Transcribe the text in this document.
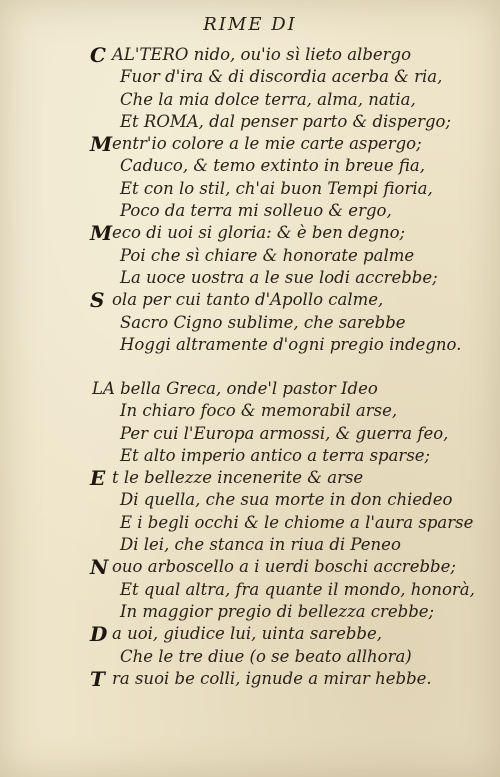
RIME DI
C AL'TERO nido, ou'io sì lieto albergo
Fuor d'ira & di discordia acerba & ria,
Che la mia dolce terra, alma, natia,
Et ROMA, dal penser parto & dispergo;
M entr'io colore a le mie carte aspergo;
Caduco, & temo extinto in breue fia,
Et con lo stil, ch'ai buon Tempi fioria,
Poco da terra mi solleuo & ergo,
M eco di uoi si gloria: & è ben degno;
Poi che sì chiare & honorate palme
La uoce uostra a le sue lodi accrebbe;
S ola per cui tanto d'Apollo calme,
Sacro Cigno sublime, che sarebbe
Hoggi altramente d'ogni pregio indegno.
LA bella Greca, onde'l pastor Ideo
In chiaro foco & memorabil arse,
Per cui l'Europa armossi, & guerra feo,
Et alto imperio antico a terra sparse;
E t le bellezze incenerite & arse
Di quella, che sua morte in don chiedeo
E i begli occhi & le chiome a l'aura sparse
Di lei, che stanca in riua di Peneo
N ouo arboscello a i uerdi boschi accrebbe;
Et qual altra, fra quante il mondo, honorà,
In maggior pregio di bellezza crebbe;
D a uoi, giudice lui, uinta sarebbe,
Che le tre diue (o se beato allhora)
T ra suoi be colli, ignude a mirar hebbe.
